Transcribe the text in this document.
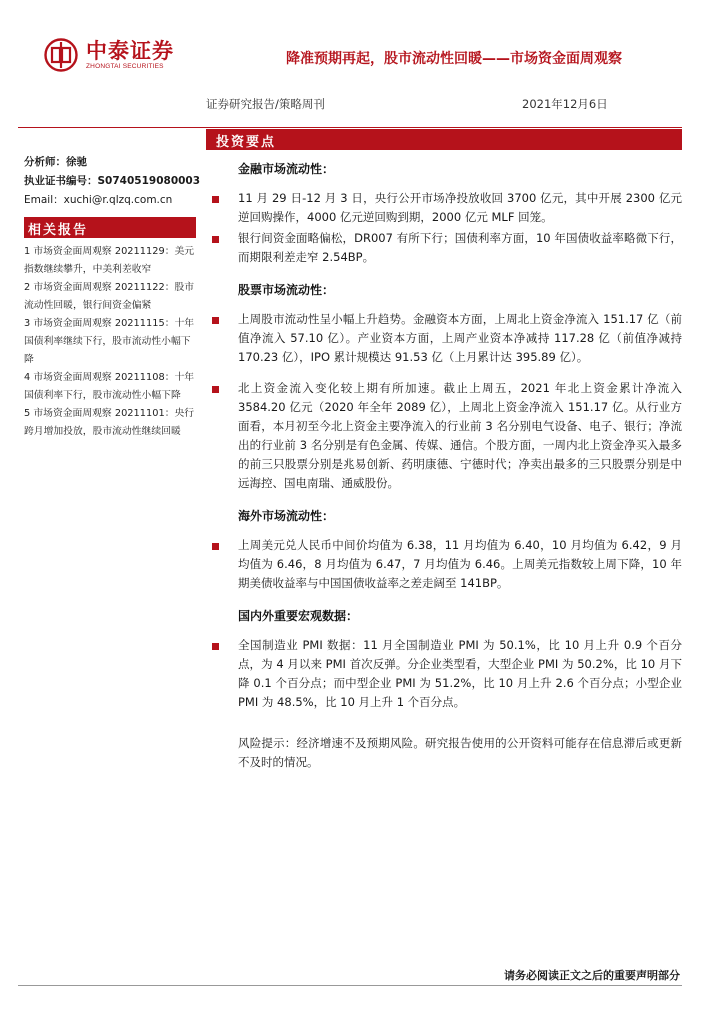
中泰证券
ZHONGTAI SECURITIES	降准预期再起，股市流动性回暖——市场资金面周观察
证券研究报告/策略周刊	2021年12月6日
投资要点
分析师：徐驰
执业证书编号：S0740519080003
Email：xuchi@r.qlzq.com.cn
相关报告
1 市场资金面周观察 20211129：美元指数继续攀升，中美利差收窄
2 市场资金面周观察 20211122：股市流动性回暖，银行间资金偏紧
3 市场资金面周观察 20211115：十年国债利率继续下行，股市流动性小幅下降
4 市场资金面周观察 20211108：十年国债利率下行，股市流动性小幅下降
5 市场资金面周观察 20211101：央行跨月增加投放，股市流动性继续回暖
金融市场流动性：

11 月 29 日-12 月 3 日，央行公开市场净投放收回 3700 亿元，其中开展 2300 亿元逆回购操作，4000 亿元逆回购到期，2000 亿元 MLF 回笼。

银行间资金面略偏松，DR007 有所下行；国债利率方面，10 年国债收益率略微下行，而期限利差走窄 2.54BP。

股票市场流动性：

上周股市流动性呈小幅上升趋势。金融资本方面，上周北上资金净流入 151.17 亿（前值净流入 57.10 亿）。产业资本方面，上周产业资本净减持 117.28 亿（前值净减持 170.23 亿），IPO 累计规模达 91.53 亿（上月累计达 395.89 亿）。

北上资金流入变化较上期有所加速。截止上周五，2021 年北上资金累计净流入 3584.20 亿元（2020 年全年 2089 亿），上周北上资金净流入 151.17 亿。从行业方面看，本月初至今北上资金主要净流入的行业前 3 名分别电气设备、电子、银行；净流出的行业前 3 名分别是有色金属、传媒、通信。个股方面，一周内北上资金净买入最多的前三只股票分别是兆易创新、药明康德、宁德时代；净卖出最多的三只股票分别是中远海控、国电南瑞、通威股份。

海外市场流动性：

上周美元兑人民币中间价均值为 6.38，11 月均值为 6.40，10 月均值为 6.42，9 月均值为 6.46，8 月均值为 6.47，7 月均值为 6.46。上周美元指数较上周下降，10 年期美债收益率与中国国债收益率之差走阔至 141BP。

国内外重要宏观数据：

全国制造业 PMI 数据：11 月全国制造业 PMI 为 50.1%，比 10 月上升 0.9 个百分点，为 4 月以来 PMI 首次反弹。分企业类型看，大型企业 PMI 为 50.2%，比 10 月下降 0.1 个百分点；而中型企业 PMI 为 51.2%，比 10 月上升 2.6 个百分点；小型企业 PMI 为 48.5%，比 10 月上升 1 个百分点。

风险提示：经济增速不及预期风险。研究报告使用的公开资料可能存在信息滞后或更新不及时的情况。
请务必阅读正文之后的重要声明部分
